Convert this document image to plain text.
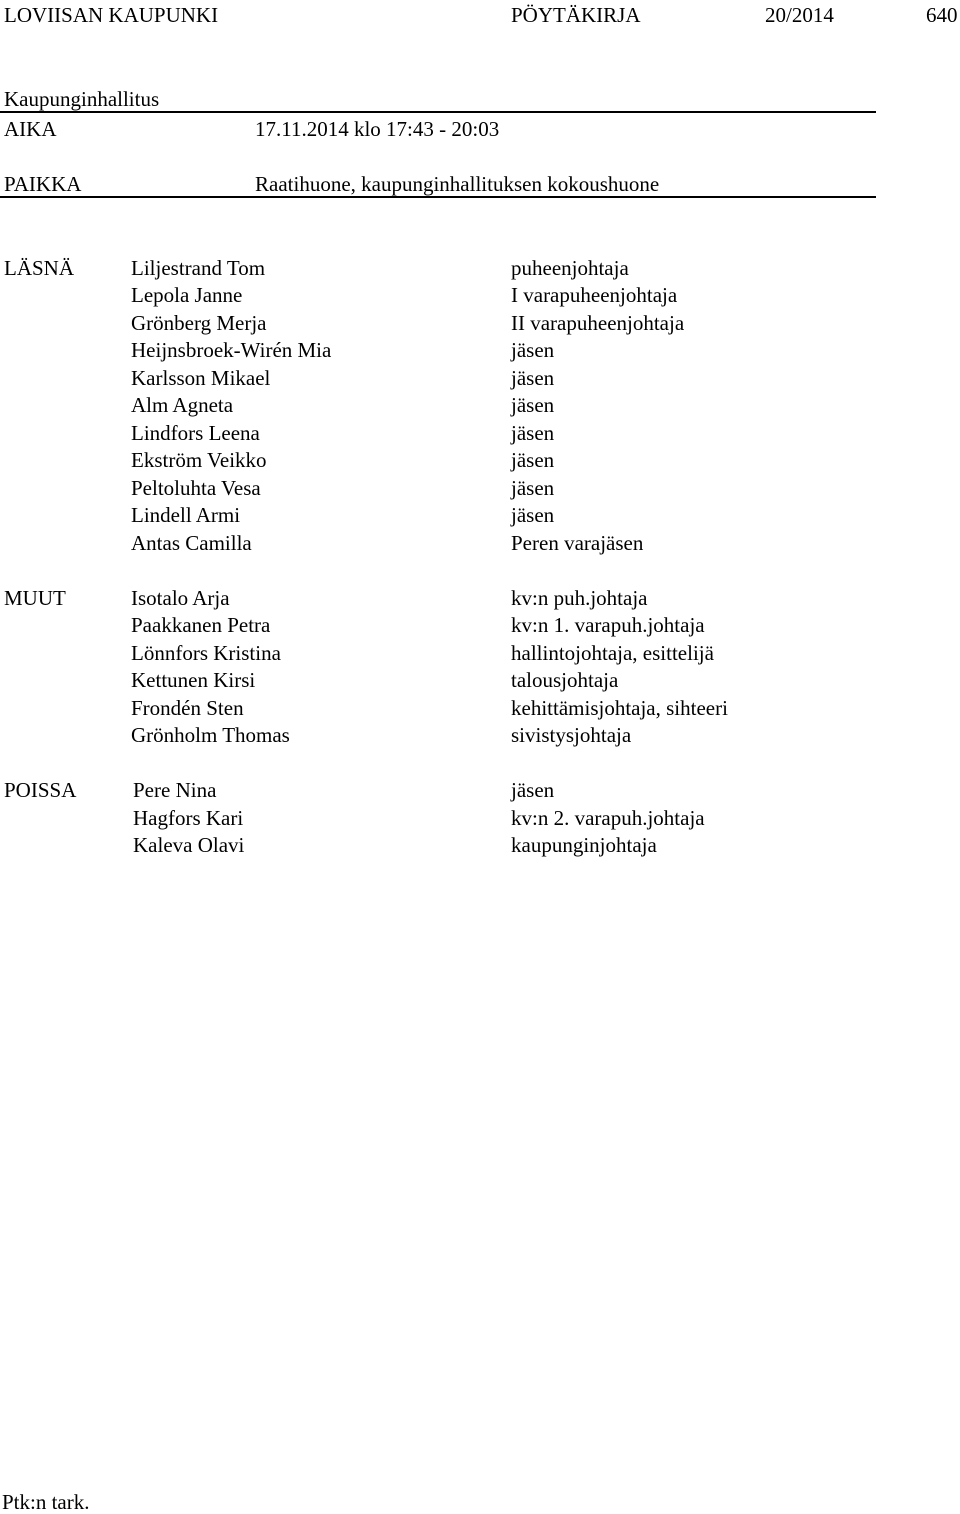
LOVIISAN KAUPUNKI	PÖYTÄKIRJA	20/2014	640
Kaupunginhallitus
AIKA	17.11.2014 klo 17:43 - 20:03
PAIKKA	Raatihuone, kaupunginhallituksen kokoushuone
LÄSNÄ	Liljestrand Tom	puheenjohtaja
Lepola Janne	I varapuheenjohtaja
Grönberg Merja	II varapuheenjohtaja
Heijnsbroek-Wirén Mia	jäsen
Karlsson Mikael	jäsen
Alm Agneta	jäsen
Lindfors Leena	jäsen
Ekström Veikko	jäsen
Peltoluhta Vesa	jäsen
Lindell Armi	jäsen
Antas Camilla	Peren varajäsen
MUUT	Isotalo Arja	kv:n puh.johtaja
Paakkanen Petra	kv:n 1. varapuh.johtaja
Lönnfors Kristina	hallintojohtaja, esittelijä
Kettunen Kirsi	talousjohtaja
Frondén Sten	kehittämisjohtaja, sihteeri
Grönholm Thomas	sivistysjohtaja
POISSA	Pere Nina	jäsen
Hagfors Kari	kv:n 2. varapuh.johtaja
Kaleva Olavi	kaupunginjohtaja
Ptk:n tark.
